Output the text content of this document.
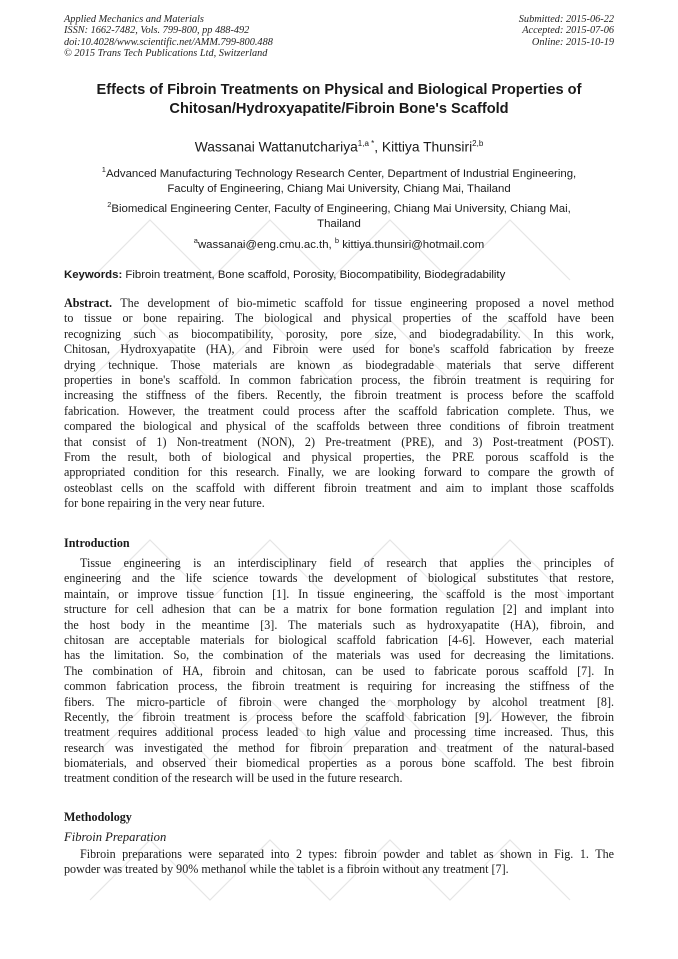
Applied Mechanics and Materials
ISSN: 1662-7482, Vols. 799-800, pp 488-492
doi:10.4028/www.scientific.net/AMM.799-800.488
© 2015 Trans Tech Publications Ltd, Switzerland
Submitted: 2015-06-22
Accepted: 2015-07-06
Online: 2015-10-19
Effects of Fibroin Treatments on Physical and Biological Properties of
Chitosan/Hydroxyapatite/Fibroin Bone's Scaffold
Wassanai Wattanutchariya$^{1,a *}$, Kittiya Thunsiri$^{2,b}$
$^1$Advanced Manufacturing Technology Research Center, Department of Industrial Engineering,
Faculty of Engineering, Chiang Mai University, Chiang Mai, Thailand
$^2$Biomedical Engineering Center, Faculty of Engineering, Chiang Mai University, Chiang Mai,
Thailand
$^a$wassanai@eng.cmu.ac.th, $^b$ kittiya.thunsiri@hotmail.com
Keywords: Fibroin treatment, Bone scaffold, Porosity, Biocompatibility, Biodegradability
Abstract. The development of bio-mimetic scaffold for tissue engineering proposed a novel method
to tissue or bone repairing. The biological and physical properties of the scaffold have been
recognizing such as biocompatibility, porosity, pore size, and biodegradability. In this work,
Chitosan, Hydroxyapatite (HA), and Fibroin were used for bone's scaffold fabrication by freeze
drying technique. Those materials are known as biodegradable materials that serve different
properties in bone's scaffold. In common fabrication process, the fibroin treatment is requiring for
increasing the stiffness of the fibers. Recently, the fibroin treatment is process before the scaffold
fabrication. However, the treatment could process after the scaffold fabrication complete. Thus, we
compared the biological and physical of the scaffolds between three conditions of fibroin treatment
that consist of 1) Non-treatment (NON), 2) Pre-treatment (PRE), and 3) Post-treatment (POST).
From the result, both of biological and physical properties, the PRE porous scaffold is the
appropriated condition for this research. Finally, we are looking forward to compare the growth of
osteoblast cells on the scaffold with different fibroin treatment and aim to implant those scaffolds
for bone repairing in the very near future.
Introduction
Tissue engineering is an interdisciplinary field of research that applies the principles of
engineering and the life science towards the development of biological substitutes that restore,
maintain, or improve tissue function [1]. In tissue engineering, the scaffold is the most important
structure for cell adhesion that can be a matrix for bone formation regulation [2] and implant into
the host body in the meantime [3]. The materials such as hydroxyapatite (HA), fibroin, and
chitosan are acceptable materials for biological scaffold fabrication [4-6]. However, each material
has the limitation. So, the combination of the materials was used for decreasing the limitations.
The combination of HA, fibroin and chitosan, can be used to fabricate porous scaffold [7]. In
common fabrication process, the fibroin treatment is requiring for increasing the stiffness of the
fibers. The micro-particle of fibroin were changed the morphology by alcohol treatment [8].
Recently, the fibroin treatment is process before the scaffold fabrication [9]. However, the fibroin
treatment requires additional process leaded to high value and processing time increased. Thus, this
research was investigated the method for fibroin preparation and treatment of the natural-based
biomaterials, and observed their biomedical properties as a porous bone scaffold. The best fibroin
treatment condition of the research will be used in the future research.
Methodology
Fibroin Preparation
Fibroin preparations were separated into 2 types: fibroin powder and tablet as shown in Fig. 1. The
powder was treated by 90% methanol while the tablet is a fibroin without any treatment [7].
